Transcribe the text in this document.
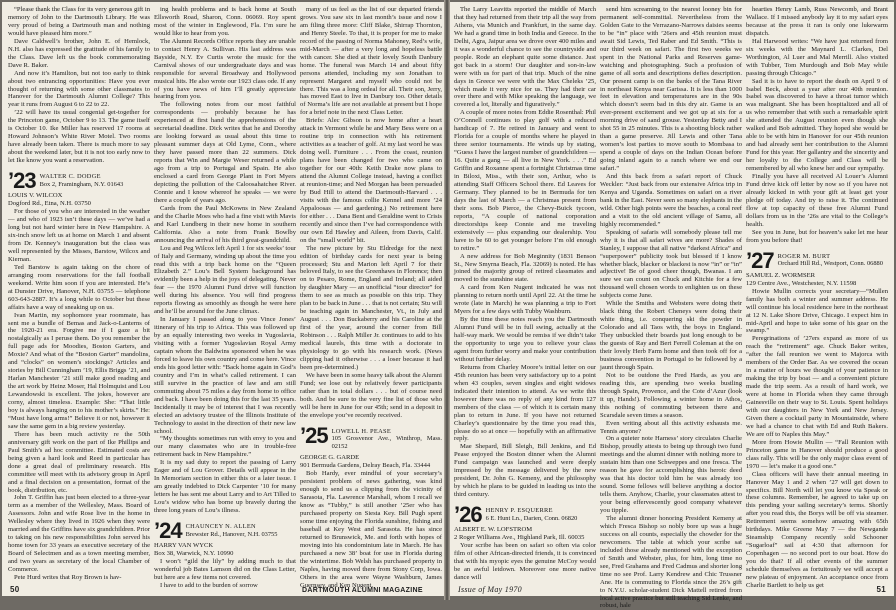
“Please thank the Class for its very generous gift in memory of John to the Dartmouth Library. He was very proud of being a Dartmouth man and nothing would have pleased him more.”

Dave Caldwell’s brother, John E. of Hemlock, N.H. also has expressed the gratitude of his family to the Class. Dave left us the book commemorating Dave R. Baker.

And now it’s Hamilton, but not too early to think about two entrancing opportunities: Have you ever thought of returning with some other classmates to Hanover for the Dartmouth Alumni College? This year it runs from August 6 to 22 to 22.

’22 will have its usual congenial get-together for the Princeton game, October 9 to 13. The game itself is October 10. Ike Miller has reserved 17 rooms at Howard Johnson’s White River Motel. Two rooms have already been taken. There is much more to say about the weekend later, but it is not too early now to let Ike know you want a reservation.

’23 WALTER C. DODGE
Box 2, Framingham, N.Y. 01643
LOUIS V. WILCOX
Dogford Rd., Etna, N.H. 03750

For those of you who are interested in the weather — and who of 1923 isn’t these days — we’ve had a long but not hard winter here in New Hampshire. A six-inch snow left us at home on March 1 and absent from Dr. Kenney’s inauguration but the class was well represented by the Misses, Barstow, Wilcox and Kiernan.

Ted Barstow is again taking on the chore of arranging room reservations for the fall football weekend. Write him soon if you are interested. He’s at Dunster Drive, Hanover, N.H. 03755 — telephone 603-643-2887. It’s a long while to October but these affairs have a way of sneaking up on us.

Ivan Martin, my sophomore year roommate, has sent me a bundle of Bemas and Jack-o-Lanterns of the 1920-21 era. Forgive me if I gaze a bit nostalgically as I peruse them. Do you remember the full page ads for Moodies, Boston Garters, and Moxie? And what of the “Boston Garter” mandolins, and “clocks” on women’s stockings? Articles and stories by Bill Cunningham ’19, Ellis Briggs ’21, and Harlan Manchester ’21 still make good reading and the art work by Heinz Moser, Hal Holmquist and Lou Lewandowski is excellent. The jokes, however are corny, almost timeless. Example: She: “That little boy is always hanging on to his mother’s skirts.” He: “Must have long arms!” Believe it or not, however it saw the same gem in a big review yesterday.

There has been much activity re the 50th anniversary gift work on the part of Ike Phillips and Paul Smith’s ad hoc committee. Estimated costs are being given a hard look and Reed in particular has done a great deal of preliminary research. His committee will meet with its advisory group in April and a final decision on a presentation, format of the book, distribution, etc.

John T. Griffin has just been elected to a three-year term as a member of the Wellesley, Mass. Board of Assessors. John and wife Rose live in the home in Wellesley where they lived in 1926 when they were married and the Griffins have six grandchildren. Prior to taking on his new responsibilities John served his home town for 33 years as executive secretary of the Board of Selectmen and as a town meeting member, and two years as secretary of the local Chamber of Commerce.

Pete Hurd writes that Roy Brown is hav-

ing health problems and is back home at South Ellsworth Road, Sharon, Conn. 06069. Roy spent most of the winter in Englewood, Fla. I’m sure he would like to hear from you.

The Alumni Records Office reports they are unable to contact Henry A. Sullivan. His last address was Bayside, N.Y. Ev Curtis wrote the music for the Carnival shows of our undergraduate days and was responsible for several Broadway and Hollywood musical hits. He also wrote our 1923 class ode. If any of you have news of him I’ll greatly appreciate hearing from you.

The following notes from our most faithful correspondents — probably because he has experienced at first hand the apprehensions of the secretarial deadline. Dick writes that he and Dorothy are looking forward as usual about this time to pleasant summer days at Old Lyme, Conn., where they have passed more than 22 summers. Dick reports that Win and Margie Weser returned a while ago from a trip to Portugal and Spain. He also enclosed a card from George Plant in Fort Myers depicting the pollution of the Caloosahatchee River. Connie and I know whereof he speaks — we were there a couple of years ago.

Cards from the Paul McKowns in New Zealand and the Charlie Moes who had a fine visit with Mavis and Karl Lundberg in their new home in southern California. Also a note from Frank Bowlby announcing the arrival of his third great-grandchild.

Lou and Peg Wilcox left April 1 for six weeks’ tour of Italy and Germany, winding up about the time you read this with a trip back home on the “Queen Elizabeth 2.” Lou’s Bell System background has evidently been a help in the joys of delegating. Never fear — the 1970 Alumni Fund drive will function well during his absence. You will find progress reports flowing as smoothly as though he were here and he’ll be around for the June climax.

In January I passed along to you Vince Jones’ itinerary of his trip to Africa. This was followed up by an equally interesting two weeks in Yugoslavia, visiting with a former Yugoslavian Royal Army captain whom the Baldwins sponsored when he was forced to leave his own country and come here. Vince ends his good letter with: “Back home again in God’s country and I’m in what’s called retirement. I can still survive in the practice of law and am still commuting about 75 miles a day from home to office and back. I have been doing this for the last 35 years. Incidentally it may be of interest that I was recently elected an advisory trustee of the Illinois Institute of Technology to assist in the direction of their new law school.

“My thoughts sometimes run with envy to you and our many classmates who are in trouble-free retirement back in New Hampshire.”

It is my sad duty to report the passing of Larry Eager and of Lou Grover. Details will appear in the In Memoriam section in either this or a later issue. I am greatly indebted to Dick Carpenter ’10 for many letters he has sent me about Larry and to Art Tilled to Lou’s widow who has borne up bravely during the three long years of Lou’s illness.

’24 CHAUNCEY N. ALLEN
Brewster Rd., Hanover, N.H. 03755
HARRY VAN WYCK
Box 38, Warwick, N.Y. 10990

I won’t “gild the lily” by adding much to that wonderful job Bates Lamson did on the Class Letter, but here are a few items not covered.

I have to add to the burden of sorrow

many of us feel as the list of our departed friends grows. You saw six in last month’s issue and now I am filing three more: Cliff Blake, Shirrap Thornton, and Henry Steele. To that, it is proper for me to make record of the passing of Norma Mahoney, Red’s wife, mid-March — after a very long and hopeless battle with cancer. She died at their lovely South Danbury home. The funeral was March 14 and about fifty persons attended, including my son Jonathan to represent Margaret and myself who could not be there. This was a long ordeal for all. Their son, Jerry, has moved East to live in Danbury too. Other details of Norma’s life are not available at present but I hope for a brief note in the next Class Letter.

Briefs: Alec Gibson is now home after a heart attack in Vermont while he and Mary Bess were on a routine trip in connection with his retirement activities as a teacher of golf. At my last word he was doing well. Furniture . . . From the coast, reunion plans have been changed for two who came on together for our 40th: Keith Drake now plans to attend the Alumni College instead, having a conflict at reunion-time; and Ned Morgan has been persuaded by Bud Hill to attend the Dartmouth-Harvard . . . visits with the famous collie Kennel and more ’24 Appaloosas — and gardening.) No retirement here for either . . . Dana Bent and Geraldine went to Crisis recently and since then I’ve had correspondence with our own Ed Hawley and Aileen, from Davis, Calif. on the “small world” bit.

The new picture by Stu Eldredge for the next edition of birthday cards for next year is being processed; Stu and Marion left April 7 for their beloved Italy, to see the Greenhaws in Florence; then on to Pesaro, Rome, England and Ireland; all aided by daughter Mary — an unofficial “tour director” for them to see as much as possible on this trip. They plan to be back in June . . . that is not certain; Stu will be teaching again in Manchester, Vt., in July and August . . . Don Buckaberry and his Caroline at the first of the year, around the corner from Bill Robinson . . . Ralph Miller Jr. continues to add to his medical laurels, this time with a doctorate in physiology to go with his research work. (News clipping had it otherwise . . . a loser because it had been pre-determined.)

We have been in some heavy talk about the Alumni Fund; we lose out by relatively fewer participants rather than in total dollars . . . but of course need both. And be sure to the very fine list of those who will be here in June for our 45th; send in a deposit in the envelope you’ve recently received.

’25 LOWELL H. PEASE
105 Grosvenor Ave., Winthrop, Mass. 02152
GEORGE G. GARDE
901 Bermuda Gardens, Delray Beach, Fla. 33444

Bob Hardy, ever mindful of your secretary’s persistent problem of news gathering, was kind enough to send us a clipping from the vicinity of Sarasota, Fla. Lawrence Marshall, whom I recall we know as “Tubby,” is still another ’25er who has purchased property on Siesta Key. Bill Pugh spent some time enjoying the Florida sunshine, fishing and baseball at Key West and Sarasota. He has since returned to Brunswick, Me. and forth with hopes of moving into his condominium late in March. He has purchased a new 38’ boat for use in Florida during the wintertime. Bob Welsh has purchased property in Naples, having moved there from Stony Corp, Iowa. Others in the area were Wayne Washburn, James Guernsey, and Ken Nugent.

50	DARTMOUTH ALUMNI MAGAZINE

The Larry Leavitts reported the middle of March that they had returned from their trip all the way from Athens, via Munich and Frankfurt, in the same day. We had a grand time in both India and Greece. In the Delhi, Agra, Jaipur area we drove over 400 miles and it was a wonderful chance to see the countryside and people. Rode an elephant quite some distance. Just got back in a storm! Our daughter and son-in-law were with us for part of that trip. Much of the nine days in Greece we were with the Max Cheleks ’25, which made it very nice for us. They had their car over there and with Mike speaking the language, we covered a lot, literally and figuratively.”

A couple of more notes from Eddie Rosenthal: Phil O’Connell continues to play golf with a reduced handicap of 7. He retired in January and went to Florida for a couple of months where he played in three senior tournaments. He winds up by stating, “Guess I have the largest number of grandchildren — 16. Quite a gang — all live in New York. . . .” Ed Griffin and Roxanne spent a fortnight Christmas time in Biloxi, Miss., with their son, Arthur, who is attending Staff Officers School there. Ed Leaves for Germany. They planned to be in Bermuda for ten days the last of March — a Christmas present from their sons. Bob Pierce, the Chevy-Buick tycoon, reports, “A couple of national corporation directorships keep Connie and me traveling extensively — plus expanding our dealership. You have to be 60 to get younger before I’m old enough to retire.”

A new address for Bob Meginnity (1831 Benson St., New Smyrna Beach, Fla. 32069) is noted. He has joined the majority group of retired classmates and moved to the sunshine state.

A card from Ken Nugent indicated he was not planning to return north until April 22. At the time he wrote (late in March) he was planning a trip to Fort Myers for a few days with Tubby Washburn.

By the time these notes reach you the Dartmouth Alumni Fund will be in full swing, actually at the half-way mark. We would be remiss if we didn’t take the opportunity to urge you to relieve your class agent from further worry and make your contribution without further delay.

Returns from Charley Moore’s initial letter on our 45th reunion has been very satisfactory up to a point when 43 couples, seven singles and eight widows indicated their intention to attend. As we write this however there was no reply of any kind from 127 members of the class — of which it is certain many plan to return in June. If you have not returned Charley’s questionnaire by the time you read this, please do so at once — hopefully with an affirmative reply.

Mae Shepard, Bill Sleigh, Bill Jenkins, and Ed Pease enjoyed the Boston dinner when the Alumni Fund campaign was launched and were deeply impressed by the message delivered by the new president, Dr. John G. Kemeny, and the philosophy by which he plans to be guided in leading us into the third century.

’26 HENRY P. ESQUERRE
6 E. Hunt Ln., Darien, Conn. 06820
ALBERT E. W. LOFSTROM
2 Roger Williams Ave., Highland Park, Ill. 60035

Your scribe has been on safari so often via color film of other African-directed friends, it is convinced that with his myopic eyes the genuine McCoy would be an awful letdown. Moreover one more native dance will

send him screaming to the nearest looney bin for permanent self-committal. Nevertheless from the Golden Gate to the Verrazano-Narrows daisies seems to be “in” place with ’26ers and 45th reunion must await Sid Lewis, Ted Raber and Ed Smith. “This is our third week on safari. The first two weeks we spent in the National Parks and Reserves game-watching and photographing. Such a profusion of game of all sorts and descriptions defies description. Our present camp is on the banks of the Tana River in northeast Kenya near Garissa. It is less than 1000 feet in elevation and temperatures are in the 90s which doesn’t seem bad in this dry air. Game is an ever-present excitement and we got up at six for a morning drive of sand grouse. Yesterday Betty and I shot 55 in 25 minutes. This is a shooting block rather than a game preserve. Jill Lewis and other Tana women’s lost parties to move south to Mombasa to spend a couple of days on the Indian Ocean before going inland again to a ranch where we end our safari.”

And this back from a safari report of Chuck Weckler: “Just back from our extensive Africa trip in Kenya and Uganda. Sometimes on safari on a river bank in the East. Never seen so many elephants in the wild. Other high points were the beaches, a coral reef and a visit to the old ancient village of Samu, all highly recommended.”

Speaking of safaris will somebody please tell me why it is that all safari wives are more? Shades of Stanley, I suppose that all native “darkest Africa” and “superpower” publicity took but blessed if I know whether black, blacker or blackest is now “in” or “in” adjective! Be of good cheer though, Bwanas. I am sure we can count on Chuck and Kitchie for a few thousand well chosen words to enlighten us on these subjects come June.

While the Smiths and Websters were doing their black thing the Robert Cheneys were doing their white thing, i.e. conquering ski the powder in Colorado and all Taos with, the boys in England. They unbuckled their boards just long enough to be the guests of Ray and Bert Ferrell Coleman at the on their lovely Herb Farm home and then took off for a business convention in Portugal to be followed by a jaunt through Spain.

Not to be outdone the Fred Hards, as you are reading this, are spending two weeks bustling through Spain, Provence, and the Cote d’Azur (look it up, Hands!). Following a winter home in Athos, this nothing of commuting between there and Scarsdale seven times a season.

Even writing about all this activity exhausts me. Tennis anyone?

On a quieter note Harness’ story circulates Charlie Bishop, proudly attests to being up through two fund meetings and the alumni dinner with nothing more to sustain him than one Schweppes and one fresca. The reason he gave for accomplishing this heroic deed was that his doctor told him he was already too sound. Some fellows will believe anything a doctor tells them. Anyhow, Charlie, your classmates attest to your being effervescently good company whatever you tipple.

The alumni dinner honoring President Kemeny at which Fresca Bishop so nobly bore up was a huge success on all counts, especially the chowder for the newcomers. The table at which your scribe sat included those already mentioned with the exception of Smith and Webster, plus, for him, long time no see, Fred Grahams and Fred Cadmus and shorter long time no see Prof. Larry Kendrew and Chic Trussner Ane. He is commuting to Florida since the 26’s gift to N.Y.U. scholar-student Dick Mattell retired from local active practice but still teaching Sid Lenke, and robust, hale

hearties Henry Lamb, Russ Newcomb, and Brant Wallace. If I missed anybody lay it to my safari eyes because at the press it ran is only one lukewarm dispatch.

Hal Harwood writes: “We have just returned from six weeks with the Maynard L. Clarkes, Del Worthington, Al Luer and Mal Merrill. Also visited with Tubber, Tom Murdough and Bob May while passing through Chicago.”

Sad it is to have to report the death on April 9 of Isabel Beck, about a year after our 40th reunion. Isabel was discovered to have a throat tumor which was malignant. She has been hospitalized and all of us who remember that with such a remarkable spirit she attended the August reunion even though she walked and Bob admitted. They hoped she would be able to be with him in Hanover for our 45th reunion and had already sent her contribution to the Alumni Fund for this year. Her gallantry and the sincerity and her loyalty to the College and Class will be remembered by all who knew her and our sympathy.

Finally you have all received Al Louer’s Alumni Fund drive kick off letter by now so if you have not already kicked in with your gift at least get your pledge off today. And try to raise it. The continued flow at top capacity of these free Alumni Fund dollars from us in the ’26s are vital to the College’s health.

See you in June, but for heaven’s sake let me hear from you before that!

’27 ROGER M. BURT
Orchard Hill Rd., Westport, Conn. 06880
SAMUEL Z. WORMSER
129 Centre Ave., Westchester, N.Y. 11598

Howie Mullin corrects your secretary—“Mullen family has both a winter and summer address. He will continue his local residence here in the northeast at 12 N. Lake Shore Drive, Chicago. I expect him in mid-April and hope to take some of his gear on the swamp.”

Peregrinations of ’27ers expand as more of us reach the “retirement” age. Chuck Baker writes, “after the fall reunion we went to Majorca with members of the Order Bar. As we covered the ocean in a matter of hours we thought of your patience in making the trip by boat — and a convenient picture made the trip seem. As a result of hard work, we were at home in Florida when they came through Gainesville on their way to St. Louis. Spent holidays with our daughters in New York and New Jersey. Given there a cocktail party in Mountainside, where we had a chance to chat with Ed and Ruth Bakers. We are off to Naples this May.”

More from Howie Mullin — “Fall Reunion with Princeton game in Hanover should produce a good class rally. This will be the only major class event of 1970 — let’s make it a good one.”

Class officers will have their annual meeting in Hanover May 1 and 2 when ’27 will get down to specifics. Bill North will let you know via Speak or these columns. Remember, he agreed to take up on this pending your sailing secretary’s terms. Shortly after you read this, the Borys will be off via steamer. Retirement seems somehow amazing with 65th birthdays. Mike Greene May 7 — the Newgande Steamship Company recently sold Schooner “Sugarloaf” sail at 4:30 that afternoon for Copenhagen — no second port to our boat. How do you do that? If all other events of the summer schedule themselves as fortuitously we will accept a new plateau of enjoyment. An acceptance once from Charlie Bartlett to help us get

Issue of May 1970	51
